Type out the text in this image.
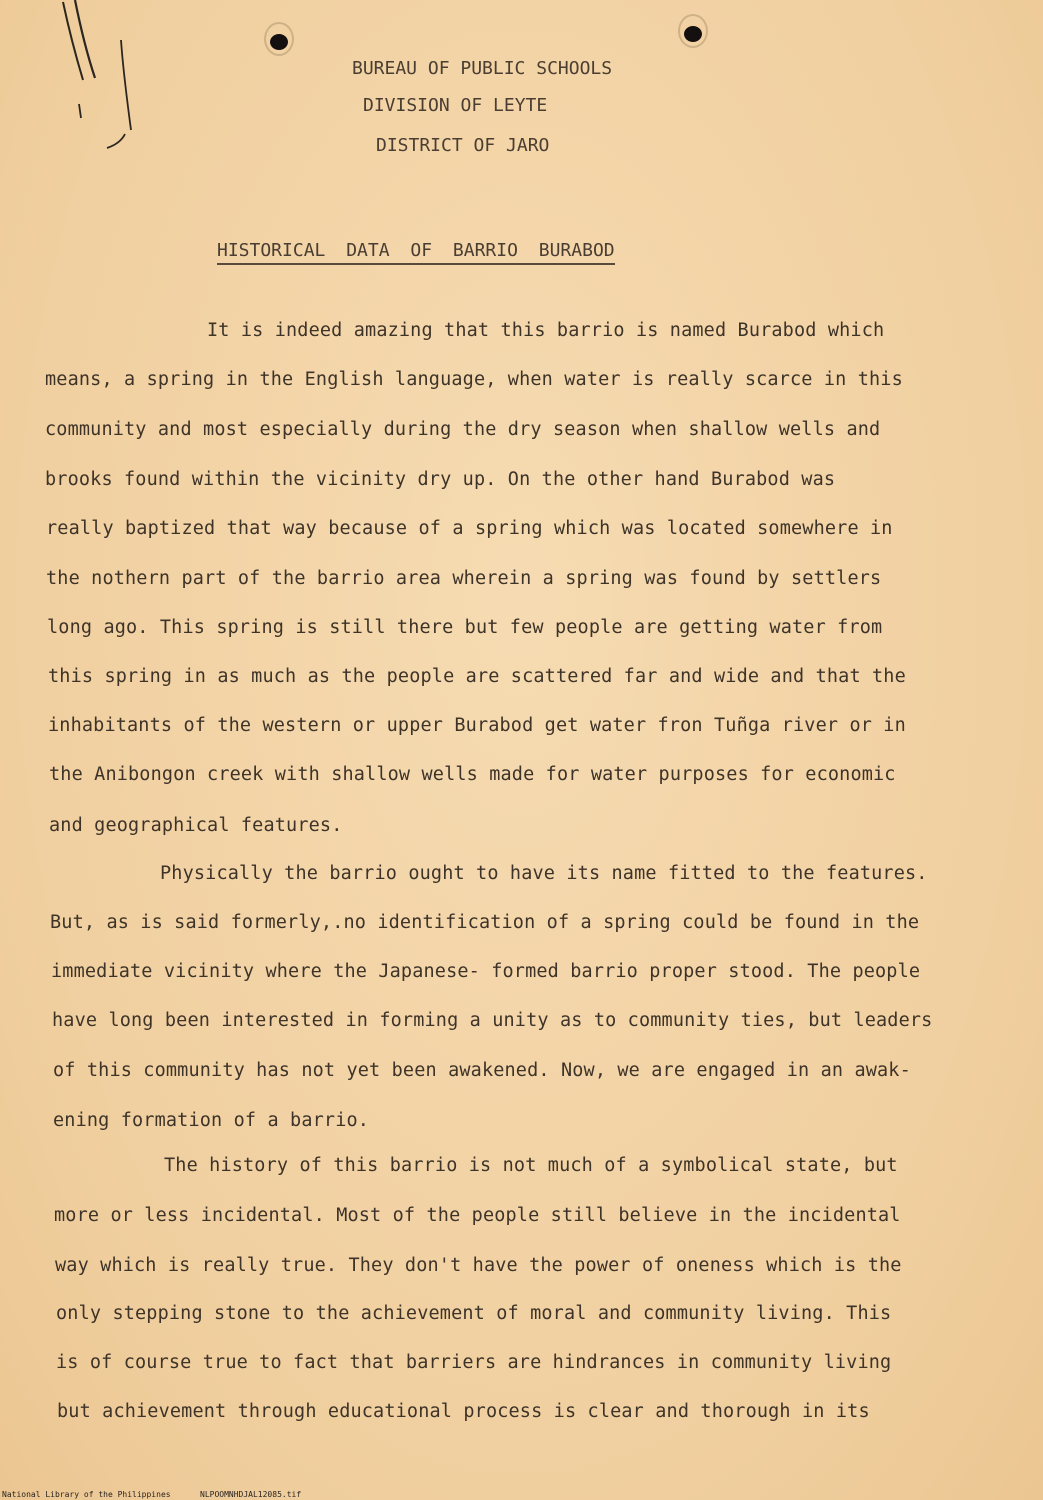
BUREAU OF PUBLIC SCHOOLS
DIVISION OF LEYTE
DISTRICT OF JARO
HISTORICAL DATA OF BARRIO BURABOD
It is indeed amazing that this barrio is named Burabod which
means, a spring in the English language, when water is really scarce in this
community and most especially during the dry season when shallow wells and
brooks found within the vicinity dry up. On the other hand Burabod was
really baptized that way because of a spring which was located somewhere in
the nothern part of the barrio area wherein a spring was found by settlers
long ago. This spring is still there but few people are getting water from
this spring in as much as the people are scattered far and wide and that the
inhabitants of the western or upper Burabod get water fron Tuñga river or in
the Anibongon creek with shallow wells made for water purposes for economic
and geographical features.
Physically the barrio ought to have its name fitted to the features.
But, as is said formerly,.no identification of a spring could be found in the
immediate vicinity where the Japanese- formed barrio proper stood. The people
have long been interested in forming a unity as to community ties, but leaders
of this community has not yet been awakened. Now, we are engaged in an awak-
ening formation of a barrio.
The history of this barrio is not much of a symbolical state, but
more or less incidental. Most of the people still believe in the incidental
way which is really true. They don't have the power of oneness which is the
only stepping stone to the achievement of moral and community living. This
is of course true to fact that barriers are hindrances in community living
but achievement through educational process is clear and thorough in its
National Library of the Philippines	NLPOOMNHDJAL12085.tif
